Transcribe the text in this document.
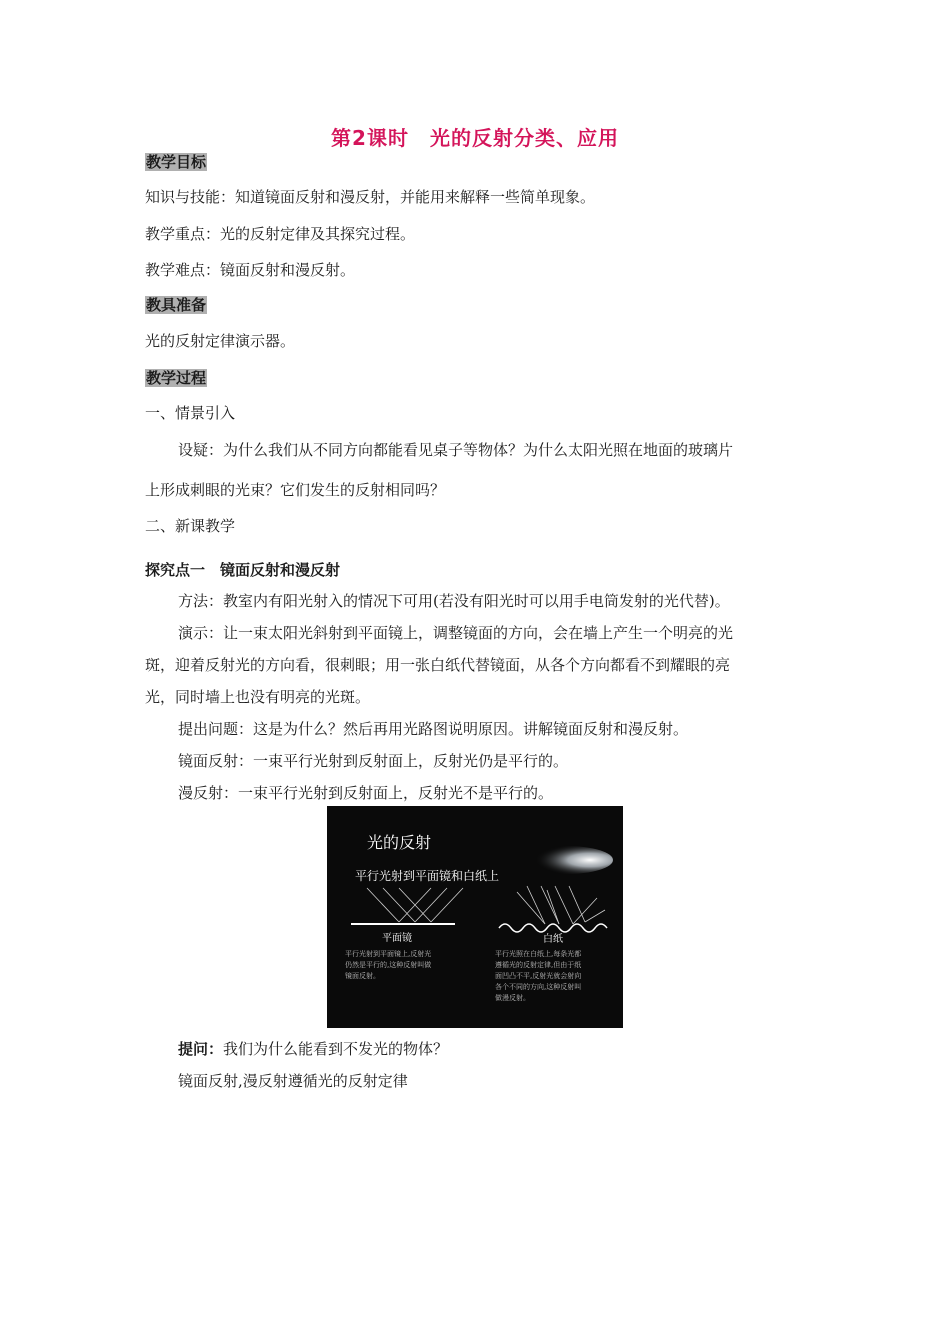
第2课时　光的反射分类、应用
教学目标
知识与技能：知道镜面反射和漫反射，并能用来解释一些简单现象。
教学重点：光的反射定律及其探究过程。
教学难点：镜面反射和漫反射。
教具准备
光的反射定律演示器。
教学过程
一、情景引入
设疑：为什么我们从不同方向都能看见桌子等物体？为什么太阳光照在地面的玻璃片
上形成刺眼的光束？它们发生的反射相同吗？
二、新课教学
探究点一　镜面反射和漫反射
方法：教室内有阳光射入的情况下可用(若没有阳光时可以用手电筒发射的光代替)。
演示：让一束太阳光斜射到平面镜上，调整镜面的方向，会在墙上产生一个明亮的光
斑，迎着反射光的方向看，很刺眼；用一张白纸代替镜面，从各个方向都看不到耀眼的亮
光，同时墙上也没有明亮的光斑。
提出问题：这是为什么？然后再用光路图说明原因。讲解镜面反射和漫反射。
镜面反射：一束平行光射到反射面上，反射光仍是平行的。
漫反射：一束平行光射到反射面上，反射光不是平行的。
光的反射
平行光射到平面镜和白纸上
平面镜	白纸
平行光射到平面镜上,反射光
仍然是平行的,这种反射叫做
镜面反射。
平行光照在白纸上,每条光都
遵循光的反射定律,但由于纸
面凹凸不平,反射光就会射向
各个不同的方向,这种反射叫
做漫反射。
提问：我们为什么能看到不发光的物体？
镜面反射,漫反射遵循光的反射定律
